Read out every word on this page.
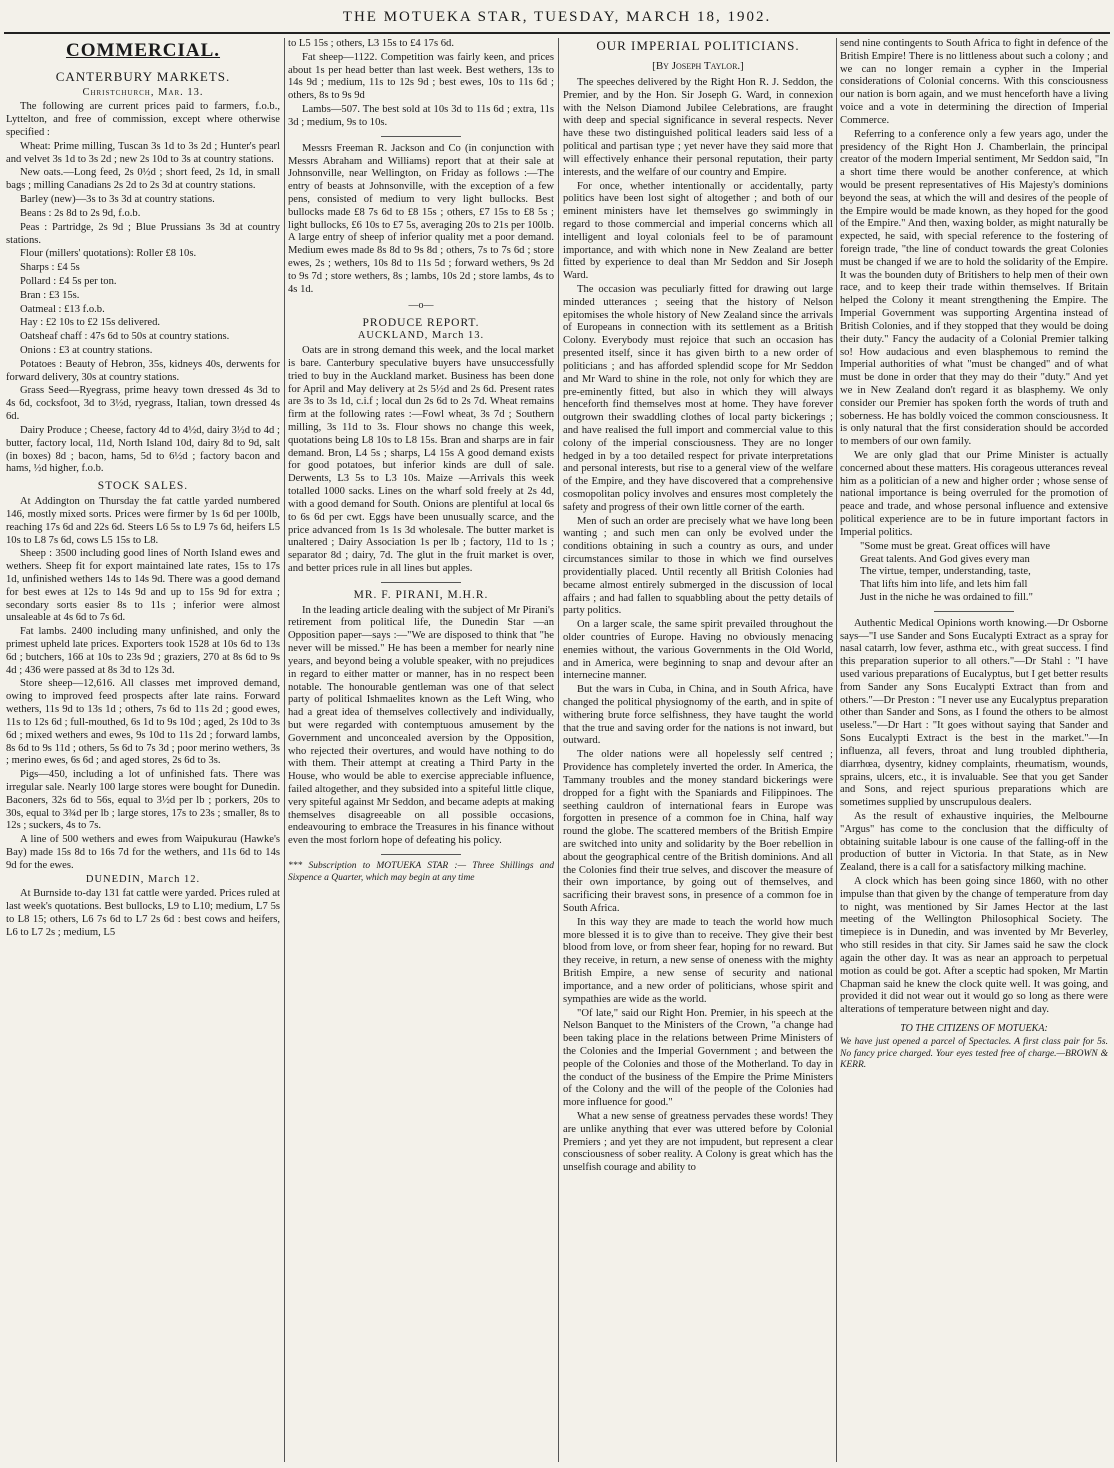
THE MOTUEKA STAR, TUESDAY, MARCH 18, 1902.
COMMERCIAL.
CANTERBURY MARKETS.
Christchurch, Mar. 13.

The following are current prices paid to farmers, f.o.b., Lyttelton, and free of commission, except where otherwise specified :

Wheat: Prime milling, Tuscan 3s 1d to 3s 2d ; Hunter's pearl and velvet 3s 1d to 3s 2d ; new 2s 10d to 3s at country stations.

New oats.—Long feed, 2s 0½d ; short feed, 2s 1d, in small bags ; milling Canadians 2s 2d to 2s 3d at country stations.

Barley (new)—3s to 3s 3d at country stations.

Beans : 2s 8d to 2s 9d, f.o.b.

Peas : Partridge, 2s 9d ; Blue Prussians 3s 3d at country stations.

Flour (millers' quotations): Roller £8 10s.

Sharps : £4 5s

Pollard : £4 5s per ton.

Bran : £3 15s.

Oatmeal : £13 f.o.b.

Hay : £2 10s to £2 15s delivered.

Oatsheaf chaff : 47s 6d to 50s at country stations.

Onions : £3 at country stations.

Potatoes : Beauty of Hebron, 35s, kidneys 40s, derwents for forward delivery, 30s at country stations.

Grass Seed—Ryegrass, prime heavy town dressed 4s 3d to 4s 6d, cocksfoot, 3d to 3½d, ryegrass, Italian, town dressed 4s 6d.

Dairy Produce ; Cheese, factory 4d to 4½d, dairy 3½d to 4d ; butter, factory local, 11d, North Island 10d, dairy 8d to 9d, salt (in boxes) 8d ; bacon, hams, 5d to 6½d ; factory bacon and hams, ½d higher, f.o.b.

STOCK SALES.

At Addington on Thursday the fat cattle yarded numbered 146, mostly mixed sorts. Prices were firmer by 1s 6d per 100lb, reaching 17s 6d and 22s 6d. Steers L6 5s to L9 7s 6d, heifers L5 10s to L8 7s 6d, cows L5 15s to L8.

Sheep : 3500 including good lines of North Island ewes and wethers. Sheep fit for export maintained late rates, 15s to 17s 1d, unfinished wethers 14s to 14s 9d. There was a good demand for best ewes at 12s to 14s 9d and up to 15s 9d for extra ; secondary sorts easier 8s to 11s ; inferior were almost unsaleable at 4s 6d to 7s 6d.

Fat lambs. 2400 including many unfinished, and only the primest upheld late prices. Exporters took 1528 at 10s 6d to 13s 6d ; butchers, 166 at 10s to 23s 9d ; graziers, 270 at 8s 6d to 9s 4d ; 436 were passed at 8s 3d to 12s 3d.

Store sheep—12,616. All classes met improved demand, owing to improved feed prospects after late rains. Forward wethers, 11s 9d to 13s 1d ; others, 7s 6d to 11s 2d ; good ewes, 11s to 12s 6d ; full-mouthed, 6s 1d to 9s 10d ; aged, 2s 10d to 3s 6d ; mixed wethers and ewes, 9s 10d to 11s 2d ; forward lambs, 8s 6d to 9s 11d ; others, 5s 6d to 7s 3d ; poor merino wethers, 3s ; merino ewes, 6s 6d ; and aged stores, 2s 6d to 3s.

Pigs—450, including a lot of unfinished fats. There was irregular sale. Nearly 100 large stores were bought for Dunedin. Baconers, 32s 6d to 56s, equal to 3½d per lb ; porkers, 20s to 30s, equal to 3¾d per lb ; large stores, 17s to 23s ; smaller, 8s to 12s ; suckers, 4s to 7s.

A line of 500 wethers and ewes from Waipukurau (Hawke's Bay) made 15s 8d to 16s 7d for the wethers, and 11s 6d to 14s 9d for the ewes.

DUNEDIN, March 12.

At Burnside to-day 131 fat cattle were yarded. Prices ruled at last week's quotations. Best bullocks, L9 to L10; medium, L7 5s to L8 15; others, L6 7s 6d to L7 2s 6d : best cows and heifers, L6 to L7 2s ; medium, L5

to L5 15s ; others, L3 15s to £4 17s 6d.

Fat sheep—1122. Competition was fairly keen, and prices about 1s per head better than last week. Best wethers, 13s to 14s 9d ; medium, 11s to 12s 9d ; best ewes, 10s to 11s 6d ; others, 8s to 9s 9d

Lambs—507. The best sold at 10s 3d to 11s 6d ; extra, 11s 3d ; medium, 9s to 10s.

Messrs Freeman R. Jackson and Co (in conjunction with Messrs Abraham and Williams) report that at their sale at Johnsonville, near Wellington, on Friday as follows :—The entry of beasts at Johnsonville, with the exception of a few pens, consisted of medium to very light bullocks. Best bullocks made £8 7s 6d to £8 15s ; others, £7 15s to £8 5s ; light bullocks, £6 10s to £7 5s, averaging 20s to 21s per 100lb. A large entry of sheep of inferior quality met a poor demand. Medium ewes made 8s 8d to 9s 8d ; others, 7s to 7s 6d ; store ewes, 2s ; wethers, 10s 8d to 11s 5d ; forward wethers, 9s 2d to 9s 7d ; store wethers, 8s ; lambs, 10s 2d ; store lambs, 4s to 4s 1d.

—o—
PRODUCE REPORT.
AUCKLAND, March 13.

Oats are in strong demand this week, and the local market is bare. Canterbury speculative buyers have unsuccessfully tried to buy in the Auckland market. Business has been done for April and May delivery at 2s 5½d and 2s 6d. Present rates are 3s to 3s 1d, c.i.f ; local dun 2s 6d to 2s 7d. Wheat remains firm at the following rates :—Fowl wheat, 3s 7d ; Southern milling, 3s 11d to 3s. Flour shows no change this week, quotations being L8 10s to L8 15s. Bran and sharps are in fair demand. Bron, L4 5s ; sharps, L4 15s A good demand exists for good potatoes, but inferior kinds are dull of sale. Derwents, L3 5s to L3 10s. Maize —Arrivals this week totalled 1000 sacks. Lines on the wharf sold freely at 2s 4d, with a good demand for South. Onions are plentiful at local 6s to 6s 6d per cwt. Eggs have been unusually scarce, and the price advanced from 1s 1s 3d wholesale. The butter market is unaltered ; Dairy Association 1s per lb ; factory, 11d to 1s ; separator 8d ; dairy, 7d. The glut in the fruit market is over, and better prices rule in all lines but apples.

MR. F. PIRANI, M.H.R.

In the leading article dealing with the subject of Mr Pirani's retirement from political life, the Dunedin Star —an Opposition paper—says :—"We are disposed to think that "he never will be missed." He has been a member for nearly nine years, and beyond being a voluble speaker, with no prejudices in regard to either matter or manner, has in no respect been notable. The honourable gentleman was one of that select party of political Ishmaelites known as the Left Wing, who had a great idea of themselves collectively and individually, but were regarded with contemptuous amusement by the Government and unconcealed aversion by the Opposition, who rejected their overtures, and would have nothing to do with them. Their attempt at creating a Third Party in the House, who would be able to exercise appreciable influence, failed altogether, and they subsided into a spiteful little clique, very spiteful against Mr Seddon, and became adepts at making themselves disagreeable on all possible occasions, endeavouring to embrace the Treasures in his finance without even the most forlorn hope of defeating his policy.

*** Subscription to MOTUEKA STAR :— Three Shillings and Sixpence a Quarter, which may begin at any time

OUR IMPERIAL POLITICIANS.
[By Joseph Taylor.]

The speeches delivered by the Right Hon R. J. Seddon, the Premier, and by the Hon. Sir Joseph G. Ward, in connexion with the Nelson Diamond Jubilee Celebrations, are fraught with deep and special significance in several respects. Never have these two distinguished political leaders said less of a political and partisan type ; yet never have they said more that will effectively enhance their personal reputation, their party interests, and the welfare of our country and Empire.

For once, whether intentionally or accidentally, party politics have been lost sight of altogether ; and both of our eminent ministers have let themselves go swimmingly in regard to those commercial and imperial concerns which all intelligent and loyal colonials feel to be of paramount importance, and with which none in New Zealand are better fitted by experience to deal than Mr Seddon and Sir Joseph Ward.

The occasion was peculiarly fitted for drawing out large minded utterances ; seeing that the history of Nelson epitomises the whole history of New Zealand since the arrivals of Europeans in connection with its settlement as a British Colony. Everybody must rejoice that such an occasion has presented itself, since it has given birth to a new order of politicians ; and has afforded splendid scope for Mr Seddon and Mr Ward to shine in the role, not only for which they are pre-eminently fitted, but also in which they will always henceforth find themselves most at home. They have forever outgrown their swaddling clothes of local party bickerings ; and have realised the full import and commercial value to this colony of the imperial consciousness. They are no longer hedged in by a too detailed respect for private interpretations and personal interests, but rise to a general view of the welfare of the Empire, and they have discovered that a comprehensive cosmopolitan policy involves and ensures most completely the safety and progress of their own little corner of the earth.

Men of such an order are precisely what we have long been wanting ; and such men can only be evolved under the conditions obtaining in such a country as ours, and under circumstances similar to those in which we find ourselves providentially placed. Until recently all British Colonies had became almost entirely submerged in the discussion of local affairs ; and had fallen to squabbling about the petty details of party politics.

On a larger scale, the same spirit prevailed throughout the older countries of Europe. Having no obviously menacing enemies without, the various Governments in the Old World, and in America, were beginning to snap and devour after an internecine manner.

But the wars in Cuba, in China, and in South Africa, have changed the political physiognomy of the earth, and in spite of withering brute force selfishness, they have taught the world that the true and saving order for the nations is not inward, but outward.

The older nations were all hopelessly self centred ; Providence has completely inverted the order. In America, the Tammany troubles and the money standard bickerings were dropped for a fight with the Spaniards and Filippinoes. The seething cauldron of international fears in Europe was forgotten in presence of a common foe in China, half way round the globe. The scattered members of the British Empire are switched into unity and solidarity by the Boer rebellion in about the geographical centre of the British dominions. And all the Colonies find their true selves, and discover the measure of their own importance, by going out of themselves, and sacrificing their bravest sons, in presence of a common foe in South Africa.

In this way they are made to teach the world how much more blessed it is to give than to receive. They give their best blood from love, or from sheer fear, hoping for no reward. But they receive, in return, a new sense of oneness with the mighty British Empire, a new sense of security and national importance, and a new order of politicians, whose spirit and sympathies are wide as the world.

"Of late," said our Right Hon. Premier, in his speech at the Nelson Banquet to the Ministers of the Crown, "a change had been taking place in the relations between Prime Ministers of the Colonies and the Imperial Government ; and between the people of the Colonies and those of the Motherland. To day in the conduct of the business of the Empire the Prime Ministers of the Colony and the will of the people of the Colonies had more influence for good."

What a new sense of greatness pervades these words! They are unlike anything that ever was uttered before by Colonial Premiers ; and yet they are not impudent, but represent a clear consciousness of sober reality. A Colony is great which has the unselfish courage and ability to

send nine contingents to South Africa to fight in defence of the British Empire! There is no littleness about such a colony ; and we can no longer remain a cypher in the Imperial considerations of Colonial concerns. With this consciousness our nation is born again, and we must henceforth have a living voice and a vote in determining the direction of Imperial Commerce.

Referring to a conference only a few years ago, under the presidency of the Right Hon J. Chamberlain, the principal creator of the modern Imperial sentiment, Mr Seddon said, "In a short time there would be another conference, at which would be present representatives of His Majesty's dominions beyond the seas, at which the will and desires of the people of the Empire would be made known, as they hoped for the good of the Empire." And then, waxing bolder, as might naturally be expected, he said, with special reference to the fostering of foreign trade, "the line of conduct towards the great Colonies must be changed if we are to hold the solidarity of the Empire. It was the bounden duty of Britishers to help men of their own race, and to keep their trade within themselves. If Britain helped the Colony it meant strengthening the Empire. The Imperial Government was supporting Argentina instead of British Colonies, and if they stopped that they would be doing their duty." Fancy the audacity of a Colonial Premier talking so! How audacious and even blasphemous to remind the Imperial authorities of what "must be changed" and of what must be done in order that they may do their "duty." And yet we in New Zealand don't regard it as blasphemy. We only consider our Premier has spoken forth the words of truth and soberness. He has boldly voiced the common consciousness. It is only natural that the first consideration should be accorded to members of our own family.

We are only glad that our Prime Minister is actually concerned about these matters. His corageous utterances reveal him as a politician of a new and higher order ; whose sense of national importance is being overruled for the promotion of peace and trade, and whose personal influence and extensive political experience are to be in future important factors in Imperial politics.

"Some must be great. Great offices will have
Great talents. And God gives every man
The virtue, temper, understanding, taste,
That lifts him into life, and lets him fall
Just in the niche he was ordained to fill."

Authentic Medical Opinions worth knowing.—Dr Osborne says—"I use Sander and Sons Eucalypti Extract as a spray for nasal catarrh, low fever, asthma etc., with great success. I find this preparation superior to all others."—Dr Stahl : "I have used various preparations of Eucalyptus, but I get better results from Sander any Sons Eucalypti Extract than from and others."—Dr Preston : "I never use any Eucalyptus preparation other than Sander and Sons, as I found the others to be almost useless."—Dr Hart : "It goes without saying that Sander and Sons Eucalypti Extract is the best in the market."—In influenza, all fevers, throat and lung troubled diphtheria, diarrhœa, dysentry, kidney complaints, rheumatism, wounds, sprains, ulcers, etc., it is invaluable. See that you get Sander and Sons, and reject spurious preparations which are sometimes supplied by unscrupulous dealers.

As the result of exhaustive inquiries, the Melbourne "Argus" has come to the conclusion that the difficulty of obtaining suitable labour is one cause of the falling-off in the production of butter in Victoria. In that State, as in New Zealand, there is a call for a satisfactory milking machine.

A clock which has been going since 1860, with no other impulse than that given by the change of temperature from day to night, was mentioned by Sir James Hector at the last meeting of the Wellington Philosophical Society. The timepiece is in Dunedin, and was invented by Mr Beverley, who still resides in that city. Sir James said he saw the clock again the other day. It was as near an approach to perpetual motion as could be got. After a sceptic had spoken, Mr Martin Chapman said he knew the clock quite well. It was going, and provided it did not wear out it would go so long as there were alterations of temperature between night and day.

TO THE CITIZENS OF MOTUEKA:

We have just opened a parcel of Spectacles. A first class pair for 5s. No fancy price charged. Your eyes tested free of charge.—BROWN & KERR.
